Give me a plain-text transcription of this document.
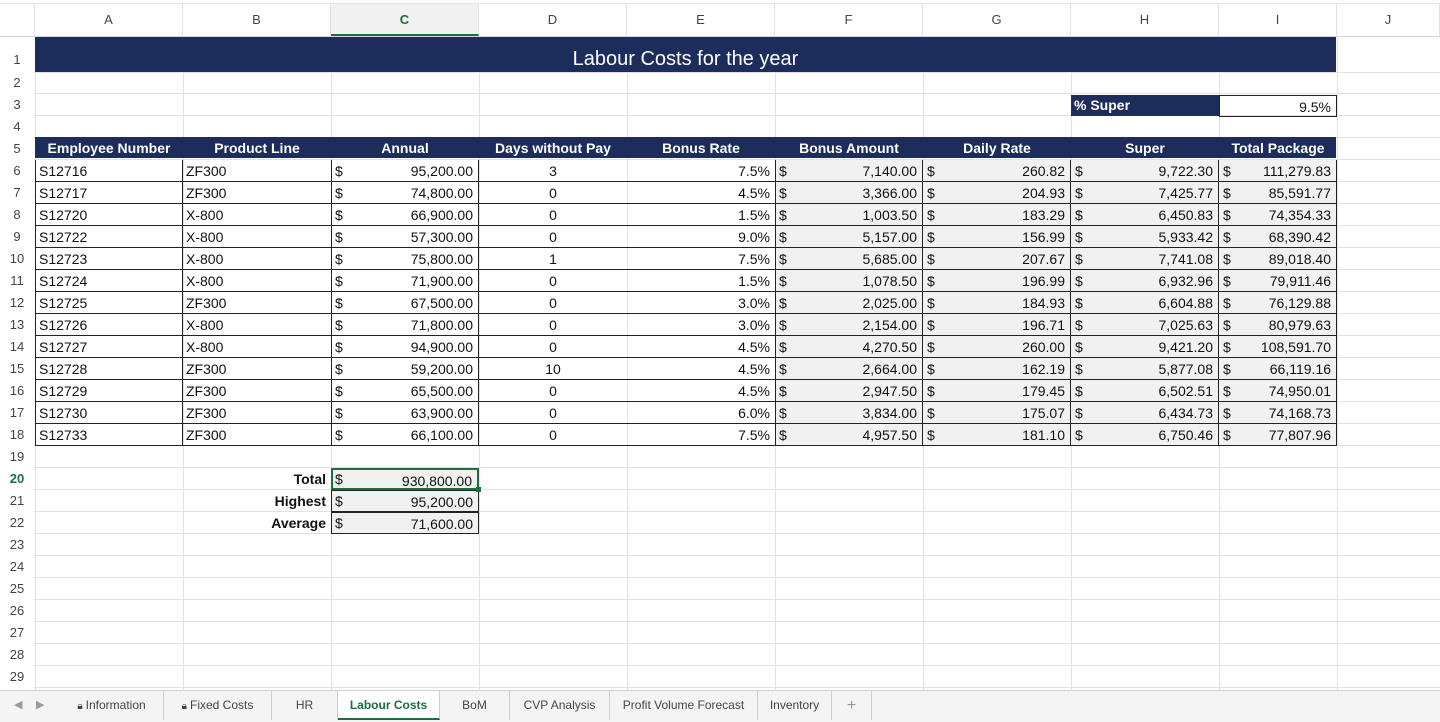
A	B	C	D	E	F	G	H	I	J
1
2
3
4
5
6
7
8
9
10
11
12
13
14
15
16
17
18
19
20
21
22
23
24
25
26
27
28
29
Labour Costs for the year
% Super	9.5%
Employee Number	Product Line	Annual	Days without Pay	Bonus Rate	Bonus Amount	Daily Rate	Super	Total Package
S12716	ZF300	95,200.00	3	7.5%	7,140.00	260.82	9,722.30	111,279.83
$	$	$	$	$
S12717	ZF300	74,800.00	0	4.5%	3,366.00	204.93	7,425.77	85,591.77
$	$	$	$	$
S12720	X-800	66,900.00	0	1.5%	1,003.50	183.29	6,450.83	74,354.33
$	$	$	$	$
S12722	X-800	57,300.00	0	9.0%	5,157.00	156.99	5,933.42	68,390.42
$	$	$	$	$
S12723	X-800	75,800.00	1	7.5%	5,685.00	207.67	7,741.08	89,018.40
$	$	$	$	$
S12724	X-800	71,900.00	0	1.5%	1,078.50	196.99	6,932.96	79,911.46
$	$	$	$	$
S12725	ZF300	67,500.00	0	3.0%	2,025.00	184.93	6,604.88	76,129.88
$	$	$	$	$
S12726	X-800	71,800.00	0	3.0%	2,154.00	196.71	7,025.63	80,979.63
$	$	$	$	$
S12727	X-800	94,900.00	0	4.5%	4,270.50	260.00	9,421.20	108,591.70
$	$	$	$	$
S12728	ZF300	59,200.00	10	4.5%	2,664.00	162.19	5,877.08	66,119.16
$	$	$	$	$
S12729	ZF300	65,500.00	0	4.5%	2,947.50	179.45	6,502.51	74,950.01
$	$	$	$	$
S12730	ZF300	63,900.00	0	6.0%	3,834.00	175.07	6,434.73	74,168.73
$	$	$	$	$
S12733	ZF300	66,100.00	0	7.5%	4,957.50	181.10	6,750.46	77,807.96
$	$	$	$	$
Total	930,800.00
$
Highest	95,200.00
$
Average	71,600.00
$
◀ ▶	🔒︎ Information	🔒︎ Fixed Costs	HR	Labour Costs	BoM	CVP Analysis	Profit Volume Forecast	Inventory	+
